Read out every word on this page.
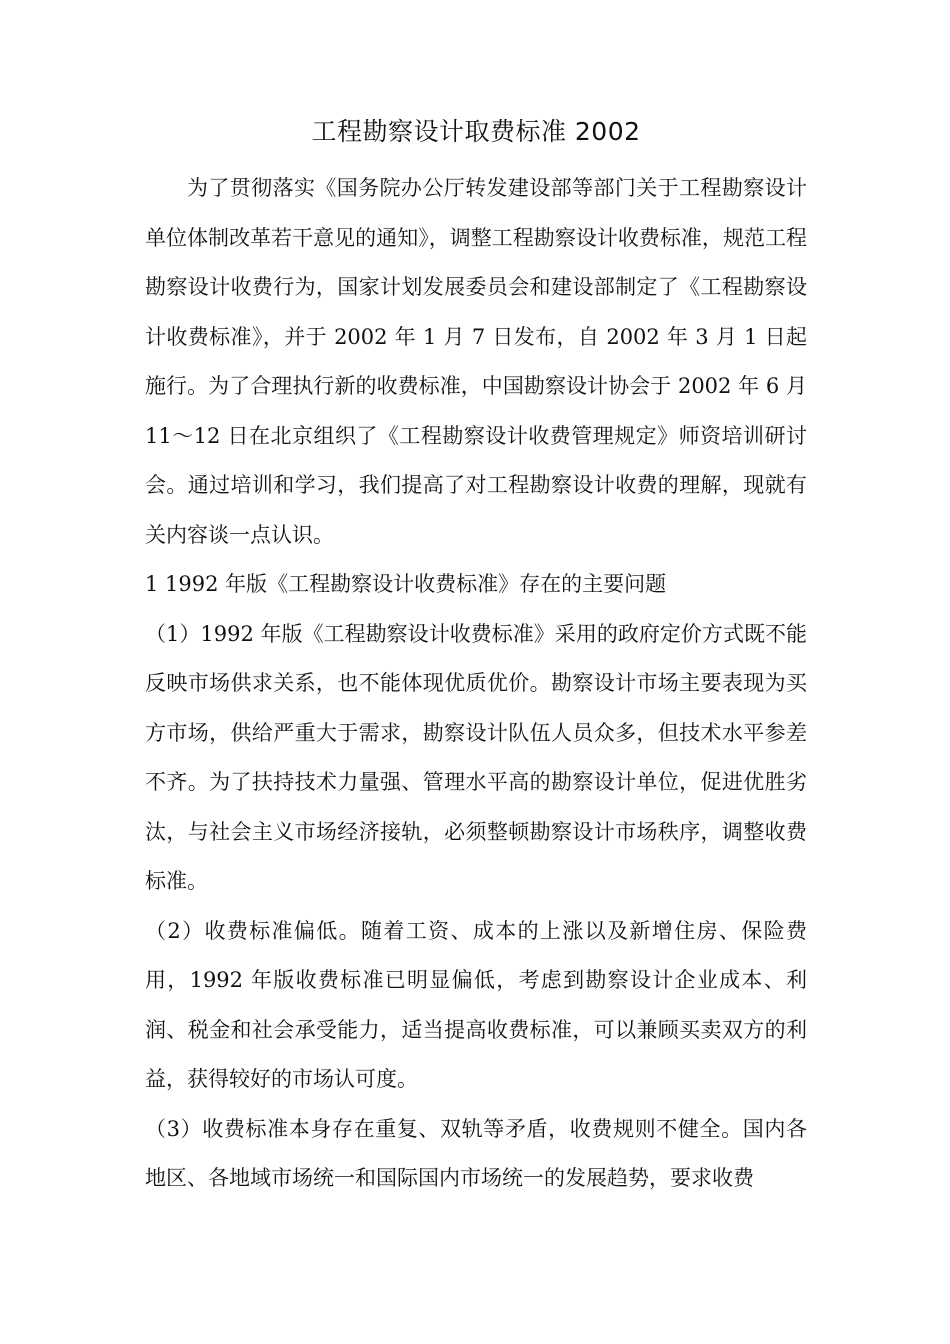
工程勘察设计取费标准 2002

为了贯彻落实《国务院办公厅转发建设部等部门关于工程勘察设计单位体制改革若干意见的通知》，调整工程勘察设计收费标准，规范工程勘察设计收费行为，国家计划发展委员会和建设部制定了《工程勘察设计收费标准》，并于 2002 年 1 月 7 日发布，自 2002 年 3 月 1 日起施行。为了合理执行新的收费标准，中国勘察设计协会于 2002 年 6 月 11～12 日在北京组织了《工程勘察设计收费管理规定》师资培训研讨会。通过培训和学习，我们提高了对工程勘察设计收费的理解，现就有关内容谈一点认识。

1 1992 年版《工程勘察设计收费标准》存在的主要问题

（1）1992 年版《工程勘察设计收费标准》采用的政府定价方式既不能反映市场供求关系，也不能体现优质优价。勘察设计市场主要表现为买方市场，供给严重大于需求，勘察设计队伍人员众多，但技术水平参差不齐。为了扶持技术力量强、管理水平高的勘察设计单位，促进优胜劣汰，与社会主义市场经济接轨，必须整顿勘察设计市场秩序，调整收费标准。

（2）收费标准偏低。随着工资、成本的上涨以及新增住房、保险费用，1992 年版收费标准已明显偏低，考虑到勘察设计企业成本、利润、税金和社会承受能力，适当提高收费标准，可以兼顾买卖双方的利益，获得较好的市场认可度。

（3）收费标准本身存在重复、双轨等矛盾，收费规则不健全。国内各地区、各地域市场统一和国际国内市场统一的发展趋势，要求收费
